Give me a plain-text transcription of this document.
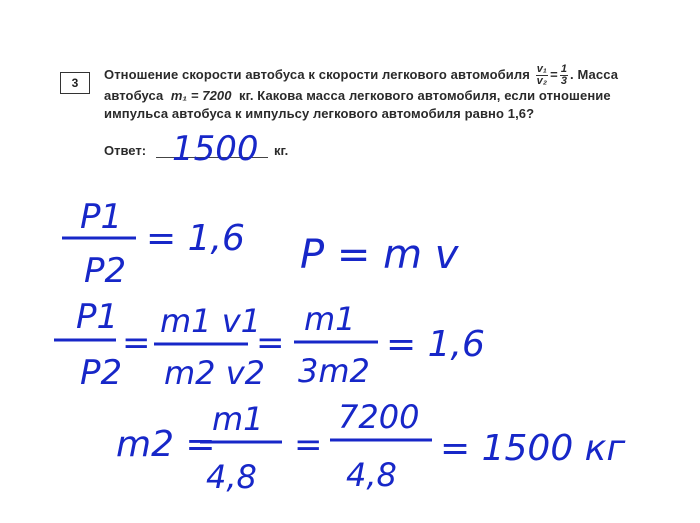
3
Отношение скорости автобуса к скорости легкового автомобиля $\frac{\text{v₁}}{\text{v₂}} = \frac{1}{3}$ . Масса
автобуса m₁ = 7200 кг. Какова масса легкового автомобиля, если отношение
импульса автобуса к импульсу легкового автомобиля равно 1,6?
Ответ:	кг.
1500
P1
P2
= 1,6 P = m v
P1
P2
=
m1 v1
m2 v2
=
m1
3m2
= 1,6
m2 =
m1
4,8
=
7200
4,8
= 1500 кг
